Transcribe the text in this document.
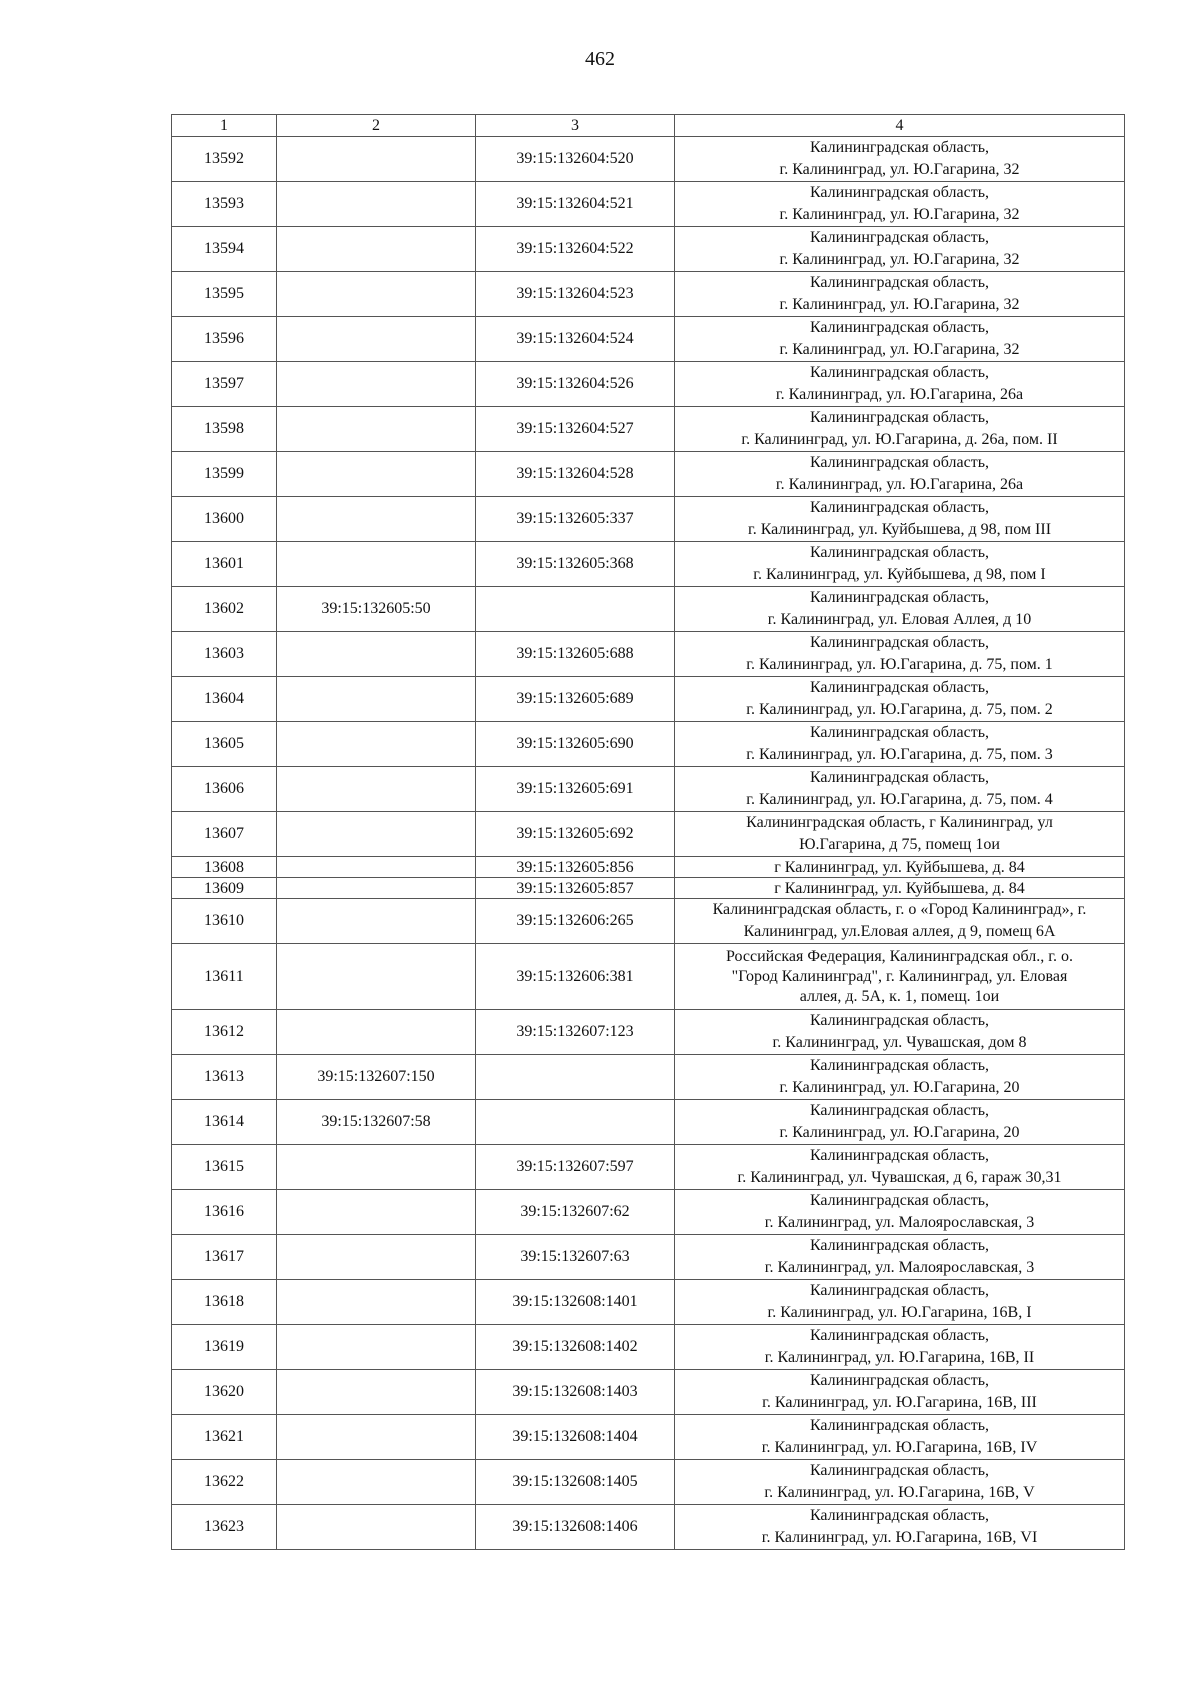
462
1	2	3	4
13592		39:15:132604:520	Калининградская область,
г. Калининград, ул. Ю.Гагарина, 32

13593		39:15:132604:521	Калининградская область,
г. Калининград, ул. Ю.Гагарина, 32

13594		39:15:132604:522	Калининградская область,
г. Калининград, ул. Ю.Гагарина, 32

13595		39:15:132604:523	Калининградская область,
г. Калининград, ул. Ю.Гагарина, 32

13596		39:15:132604:524	Калининградская область,
г. Калининград, ул. Ю.Гагарина, 32

13597		39:15:132604:526	Калининградская область,
г. Калининград, ул. Ю.Гагарина, 26а

13598		39:15:132604:527	Калининградская область,
г. Калининград, ул. Ю.Гагарина, д. 26а, пом. II

13599		39:15:132604:528	Калининградская область,
г. Калининград, ул. Ю.Гагарина, 26а

13600		39:15:132605:337	Калининградская область,
г. Калининград, ул. Куйбышева, д 98, пом III

13601		39:15:132605:368	Калининградская область,
г. Калининград, ул. Куйбышева, д 98, пом I

13602	39:15:132605:50		Калининградская область,
г. Калининград, ул. Еловая Аллея, д 10

13603		39:15:132605:688	Калининградская область,
г. Калининград, ул. Ю.Гагарина, д. 75, пом. 1

13604		39:15:132605:689	Калининградская область,
г. Калининград, ул. Ю.Гагарина, д. 75, пом. 2

13605		39:15:132605:690	Калининградская область,
г. Калининград, ул. Ю.Гагарина, д. 75, пом. 3

13606		39:15:132605:691	Калининградская область,
г. Калининград, ул. Ю.Гагарина, д. 75, пом. 4

13607		39:15:132605:692	Калининградская область, г Калининград, ул
Ю.Гагарина, д 75, помещ 1ои

13608		39:15:132605:856	г Калининград, ул. Куйбышева, д. 84

13609		39:15:132605:857	г Калининград, ул. Куйбышева, д. 84

13610		39:15:132606:265	Калининградская область, г. о «Город Калининград», г.
Калининград, ул.Еловая аллея, д 9, помещ 6А

13611		39:15:132606:381	Российская Федерация, Калининградская обл., г. о.
"Город Калининград", г. Калининград, ул. Еловая
аллея, д. 5А, к. 1, помещ. 1ои

13612		39:15:132607:123	Калининградская область,
г. Калининград, ул. Чувашская, дом 8

13613	39:15:132607:150		Калининградская область,
г. Калининград, ул. Ю.Гагарина, 20

13614	39:15:132607:58		Калининградская область,
г. Калининград, ул. Ю.Гагарина, 20

13615		39:15:132607:597	Калининградская область,
г. Калининград, ул. Чувашская, д 6, гараж 30,31

13616		39:15:132607:62	Калининградская область,
г. Калининград, ул. Малоярославская, 3

13617		39:15:132607:63	Калининградская область,
г. Калининград, ул. Малоярославская, 3

13618		39:15:132608:1401	Калининградская область,
г. Калининград, ул. Ю.Гагарина, 16В, I

13619		39:15:132608:1402	Калининградская область,
г. Калининград, ул. Ю.Гагарина, 16В, II

13620		39:15:132608:1403	Калининградская область,
г. Калининград, ул. Ю.Гагарина, 16В, III

13621		39:15:132608:1404	Калининградская область,
г. Калининград, ул. Ю.Гагарина, 16В, IV

13622		39:15:132608:1405	Калининградская область,
г. Калининград, ул. Ю.Гагарина, 16В, V

13623		39:15:132608:1406	Калининградская область,
г. Калининград, ул. Ю.Гагарина, 16В, VI
